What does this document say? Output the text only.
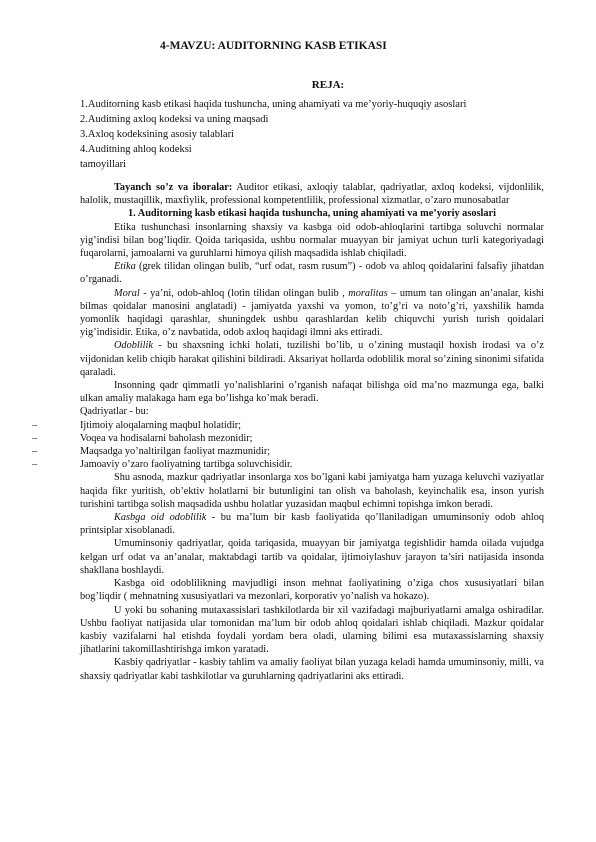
4-MAVZU: AUDITORNING KASB ETIKASI
REJA:
1.Auditorning kasb etikasi haqida tushuncha, uning ahamiyati va me’yoriy-huquqiy asoslari
2.Auditning axloq kodeksi va uning maqsadi
3.Axloq kodeksining asosiy talablari
4.Auditning ahloq kodeksi
tamoyillari

Tayanch so’z va iboralar: Auditor etikasi, axloqiy talablar, qadriyatlar, axloq kodeksi, vijdonlilik, halolik, mustaqillik, maxfiylik, professional kompetentlilik, professional xizmatlar, o’zaro munosabatlar

1. Auditorning kasb etikasi haqida tushuncha, uning ahamiyati va me’yoriy asoslari

Etika tushunchasi insonlarning shaxsiy va kasbga oid odob-ahloqlarini tartibga soluvchi normalar yig’indisi bilan bog’liqdir. Qoida tariqasida, ushbu normalar muayyan bir jamiyat uchun turli kategoriyadagi fuqarolarni, jamoalarni va guruhlarni himoya qilish maqsadida ishlab chiqiladi.

Etika (grek tilidan olingan bulib, “urf odat, rasm rusum”) - odob va ahloq qoidalarini falsafiy jihatdan o’rganadi.

Moral - ya’ni, odob-ahloq (lotin tilidan olingan bulib , moralitas – umum tan olingan an’analar, kishi bilmas qoidalar manosini anglatadi) - jamiyatda yaxshi va yomon, to’g’ri va noto’g’ri, yaxshilik hamda yomonlik haqidagi qarashlar, shuningdek ushbu qarashlardan kelib chiquvchi yurish turish qoidalari yig’indisidir. Etika, o’z navbatida, odob axloq haqidagi ilmni aks ettiradi.

Odoblilik - bu shaxsning ichki holati, tuzilishi bo’lib, u o’zining mustaqil hoxish irodasi va o’z vijdonidan kelib chiqib harakat qilishini bildiradi. Aksariyat hollarda odoblilik moral so’zining sinonimi sifatida qaraladi.

Insonning qadr qimmatli yo’nalishlarini o’rganish nafaqat bilishga oid ma’no mazmunga ega, balki ulkan amaliy malakaga ham ega bo’lishga ko’mak beradi.

Qadriyatlar - bu:

–	Ijtimoiy aloqalarning maqbul holatidir;
–	Voqea va hodisalarni baholash mezonidir;
–	Maqsadga yo’naltirilgan faoliyat mazmunidir;
–	Jamoaviy o’zaro faoliyatning tartibga soluvchisidir.

Shu asnoda, mazkur qadriyatlar insonlarga xos bo’lgani kabi jamiyatga ham yuzaga keluvchi vaziyatlar haqida fikr yuritish, ob’ektiv holatlarni bir butunligini tan olish va baholash, keyinchalik esa, inson yurish turishini tartibga solish maqsadida ushbu holatlar yuzasidan maqbul echimni topishga imkon beradi.

Kasbga oid odoblilik - bu ma’lum bir kasb faoliyatida qo’llaniladigan umuminsoniy odob ahloq printsiplar xisoblanadi.

Umuminsoniy qadriyatlar, qoida tariqasida, muayyan bir jamiyatga tegishlidir hamda oilada vujudga kelgan urf odat va an’analar, maktabdagi tartib va qoidalar, ijtimoiylashuv jarayon ta’siri natijasida insonda shakllana boshlaydi.

Kasbga oid odoblilikning mavjudligi inson mehnat faoliyatining o’ziga chos xususiyatlari bilan bog’liqdir ( mehnatning xususiyatlari va mezonlari, korporativ yo’nalish va hokazo).

U yoki bu sohaning mutaxassislari tashkilotlarda bir xil vazifadagi majburiyatlarni amalga oshiradilar. Ushbu faoliyat natijasida ular tomonidan ma’lum bir odob ahloq qoidalari ishlab chiqiladi. Mazkur qoidalar kasbiy vazifalarni hal etishda foydali yordam bera oladi, ularning bilimi esa mutaxassislarning shaxsiy jihatlarini takomillashtirishga imkon yaratadi.

Kasbiy qadriyatlar - kasbiy tahlim va amaliy faoliyat bilan yuzaga keladi hamda umuminsoniy, milli, va shaxsiy qadriyatlar kabi tashkilotlar va guruhlarning qadriyatlarini aks ettiradi.
